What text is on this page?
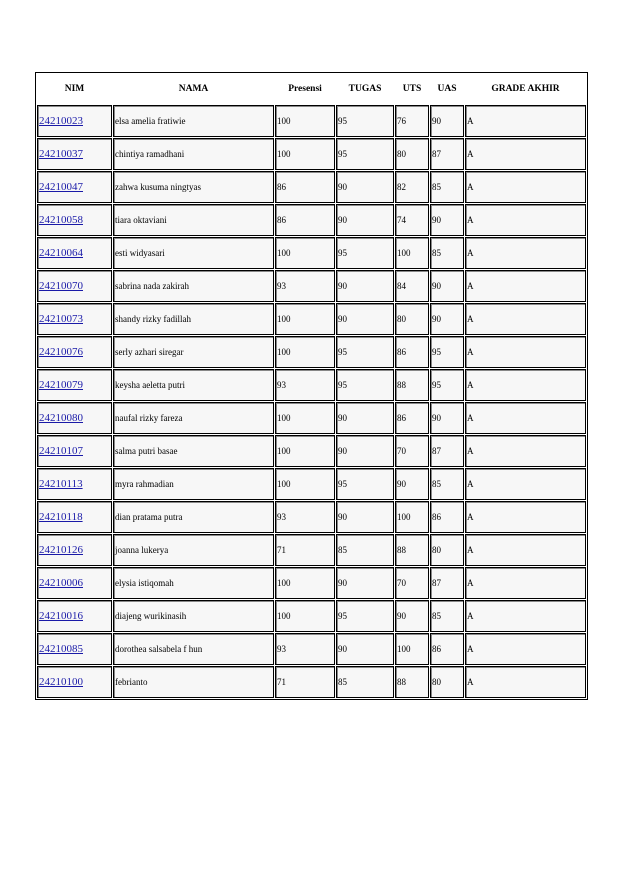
NIM	NAMA	Presensi	TUGAS	UTS	UAS	GRADE AKHIR
24210023	elsa amelia fratiwie	100	95	76	90	A
24210037	chintiya ramadhani	100	95	80	87	A
24210047	zahwa kusuma ningtyas	86	90	82	85	A
24210058	tiara oktaviani	86	90	74	90	A
24210064	esti widyasari	100	95	100	85	A
24210070	sabrina nada zakirah	93	90	84	90	A
24210073	shandy rizky fadillah	100	90	80	90	A
24210076	serly azhari siregar	100	95	86	95	A
24210079	keysha aeletta putri	93	95	88	95	A
24210080	naufal rizky fareza	100	90	86	90	A
24210107	salma putri basae	100	90	70	87	A
24210113	myra rahmadian	100	95	90	85	A
24210118	dian pratama putra	93	90	100	86	A
24210126	joanna lukerya	71	85	88	80	A
24210006	elysia istiqomah	100	90	70	87	A
24210016	diajeng wurikinasih	100	95	90	85	A
24210085	dorothea salsabela f hun	93	90	100	86	A
24210100	febrianto	71	85	88	80	A
